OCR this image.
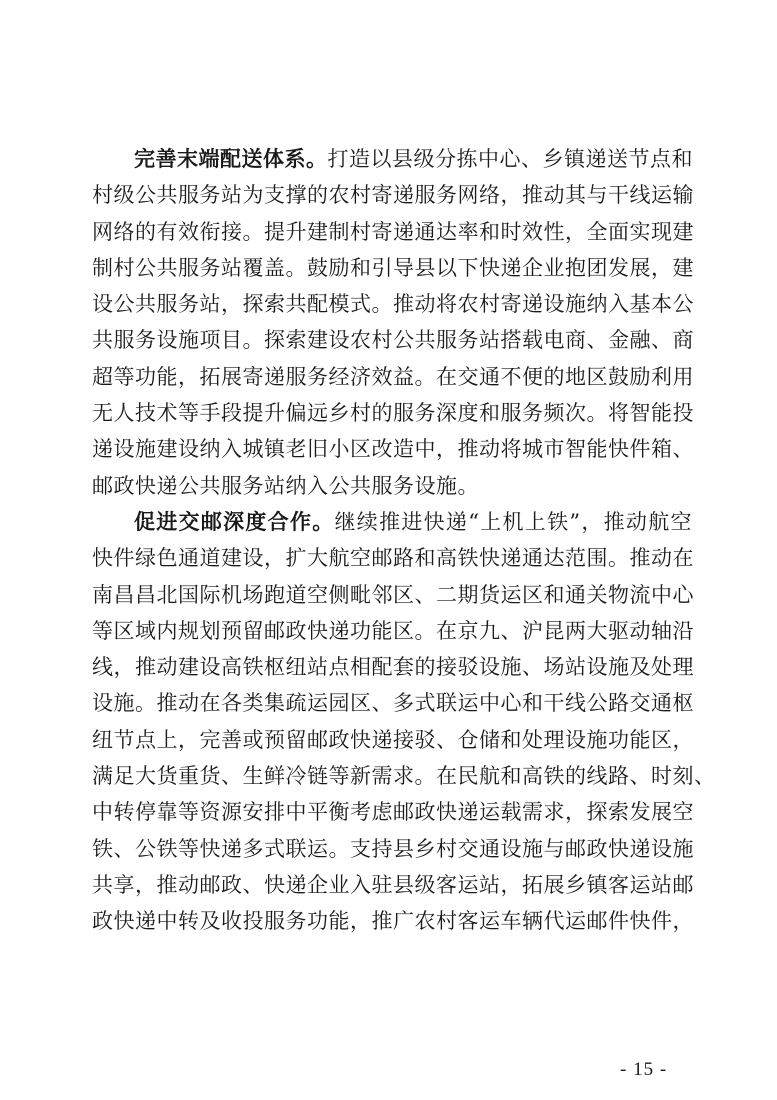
完善末端配送体系。打造以县级分拣中心、乡镇递送节点和
村级公共服务站为支撑的农村寄递服务网络，推动其与干线运输
网络的有效衔接。提升建制村寄递通达率和时效性，全面实现建
制村公共服务站覆盖。鼓励和引导县以下快递企业抱团发展，建
设公共服务站，探索共配模式。推动将农村寄递设施纳入基本公
共服务设施项目。探索建设农村公共服务站搭载电商、金融、商
超等功能，拓展寄递服务经济效益。在交通不便的地区鼓励利用
无人技术等手段提升偏远乡村的服务深度和服务频次。将智能投
递设施建设纳入城镇老旧小区改造中，推动将城市智能快件箱、
邮政快递公共服务站纳入公共服务设施。
促进交邮深度合作。继续推进快递“上机上铁”，推动航空
快件绿色通道建设，扩大航空邮路和高铁快递通达范围。推动在
南昌昌北国际机场跑道空侧毗邻区、二期货运区和通关物流中心
等区域内规划预留邮政快递功能区。在京九、沪昆两大驱动轴沿
线，推动建设高铁枢纽站点相配套的接驳设施、场站设施及处理
设施。推动在各类集疏运园区、多式联运中心和干线公路交通枢
纽节点上，完善或预留邮政快递接驳、仓储和处理设施功能区，
满足大货重货、生鲜冷链等新需求。在民航和高铁的线路、时刻、
中转停靠等资源安排中平衡考虑邮政快递运载需求，探索发展空
铁、公铁等快递多式联运。支持县乡村交通设施与邮政快递设施
共享，推动邮政、快递企业入驻县级客运站，拓展乡镇客运站邮
政快递中转及收投服务功能，推广农村客运车辆代运邮件快件，
- 15 -
